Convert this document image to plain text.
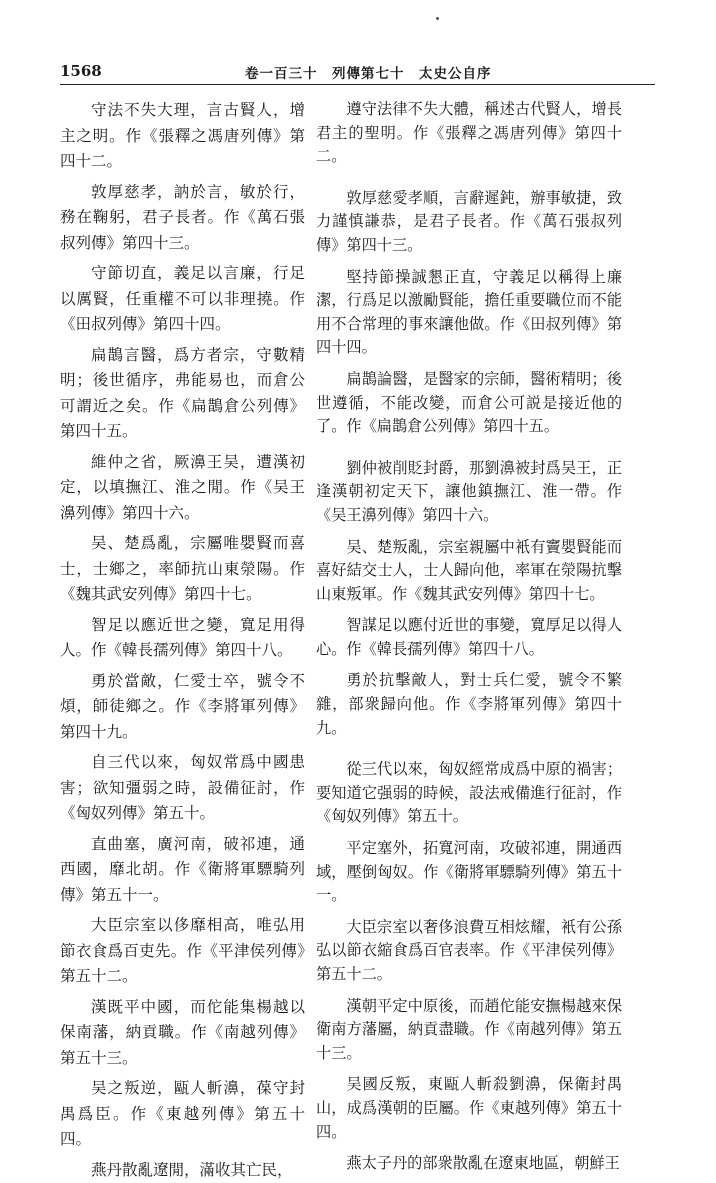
1568	卷一百三十　列傳第七十　太史公自序

守法不失大理，言古賢人，增主之明。作《張釋之馮唐列傳》第四十二。

敦厚慈孝，訥於言，敏於行，務在鞠躬，君子長者。作《萬石張叔列傳》第四十三。

守節切直，義足以言廉，行足以厲賢，任重權不可以非理撓。作《田叔列傳》第四十四。

扁鵲言醫，爲方者宗，守數精明；後世循序，弗能易也，而倉公可謂近之矣。作《扁鵲倉公列傳》第四十五。

維仲之省，厥濞王吴，遭漢初定，以填撫江、淮之閒。作《吴王濞列傳》第四十六。

吴、楚爲亂，宗屬唯嬰賢而喜士，士鄉之，率師抗山東滎陽。作《魏其武安列傳》第四十七。

智足以應近世之變，寬足用得人。作《韓長孺列傳》第四十八。

勇於當敵，仁愛士卒，號令不煩，師徒鄉之。作《李將軍列傳》第四十九。

自三代以來，匈奴常爲中國患害；欲知彊弱之時，設備征討，作《匈奴列傳》第五十。

直曲塞，廣河南，破祁連，通西國，靡北胡。作《衛將軍驃騎列傳》第五十一。

大臣宗室以侈靡相高，唯弘用節衣食爲百吏先。作《平津侯列傳》第五十二。

漢既平中國，而佗能集楊越以保南藩，納貢職。作《南越列傳》第五十三。

吴之叛逆，甌人斬濞，葆守封禺爲臣。作《東越列傳》第五十四。

燕丹散亂遼閒，滿收其亡民，

遵守法律不失大體，稱述古代賢人，增長君主的聖明。作《張釋之馮唐列傳》第四十二。

敦厚慈愛孝順，言辭遲鈍，辦事敏捷，致力謹慎謙恭，是君子長者。作《萬石張叔列傳》第四十三。

堅持節操誠懇正直，守義足以稱得上廉潔，行爲足以激勵賢能，擔任重要職位而不能用不合常理的事來讓他做。作《田叔列傳》第四十四。

扁鵲論醫，是醫家的宗師，醫術精明；後世遵循，不能改變，而倉公可説是接近他的了。作《扁鵲倉公列傳》第四十五。

劉仲被削貶封爵，那劉濞被封爲吴王，正逢漢朝初定天下，讓他鎮撫江、淮一帶。作《吴王濞列傳》第四十六。

吴、楚叛亂，宗室親屬中衹有竇嬰賢能而喜好結交士人，士人歸向他，率軍在滎陽抗擊山東叛軍。作《魏其武安列傳》第四十七。

智謀足以應付近世的事變，寬厚足以得人心。作《韓長孺列傳》第四十八。

勇於抗擊敵人，對士兵仁愛，號令不繁雜，部衆歸向他。作《李將軍列傳》第四十九。

從三代以來，匈奴經常成爲中原的禍害；要知道它强弱的時候，設法戒備進行征討，作《匈奴列傳》第五十。

平定塞外，拓寬河南，攻破祁連，開通西域，壓倒匈奴。作《衛將軍驃騎列傳》第五十一。

大臣宗室以奢侈浪費互相炫耀，衹有公孫弘以節衣縮食爲百官表率。作《平津侯列傳》第五十二。

漢朝平定中原後，而趙佗能安撫楊越來保衛南方藩屬，納貢盡職。作《南越列傳》第五十三。

吴國反叛，東甌人斬殺劉濞，保衛封禺山，成爲漢朝的臣屬。作《東越列傳》第五十四。

燕太子丹的部衆散亂在遼東地區，朝鮮王
